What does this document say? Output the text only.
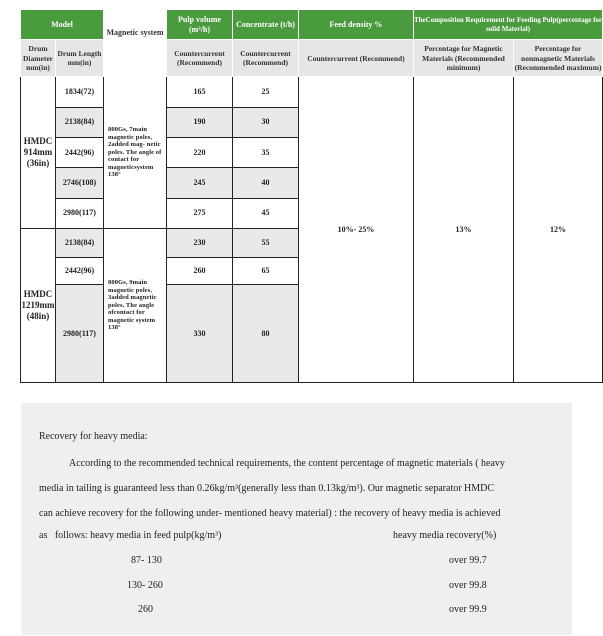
Model		Magnetic system	Pulp volume (m³/h)	Concentrate (t/h)	Feed density %	TheComposition Requirement for Feeding Pulp(percentage for solid Material)	
Drum Diameter mm(in)	Drum Length mm(in)		Countercurrent (Recommend)	Countercurrent (Recommend)	Countercurrent (Recommend)	Percentage for Magnetic Materials (Recommended minimum)	Percentage for nonmagnetic Materials (Recommended maximum)
HMDC 914mm (36in)	1834(72)	800Gs, 7main magnetic poles, 2added mag- netic poles. The angle of contact for magneticsystem 138°	165	25	10%- 25%	13%	12%
	2138(84)		190	30			
	2442(96)		220	35			
	2746(108)		245	40			
	2980(117)		275	45			
HMDC 1219mm (48in)	2138(84)	800Gs, 9main magnetic poles, 3added magnetic poles. The angle ofcontact for magnetic system 138°	230	55			
	2442(96)		260	65			
	2980(117)		330	80			
Recovery for heavy media:
According to the recommended technical requirements, the content percentage of magnetic materials ( heavy
media in tailing is guaranteed less than 0.26kg/m³(generally less than 0.13kg/m³). Our magnetic separator HMDC
can achieve recovery for the following under- mentioned heavy material) : the recovery of heavy media is achieved
as   follows: heavy media in feed pulp(kg/m³)	heavy media recovery(%)
87- 130	over 99.7
130- 260	over 99.8
260	over 99.9
